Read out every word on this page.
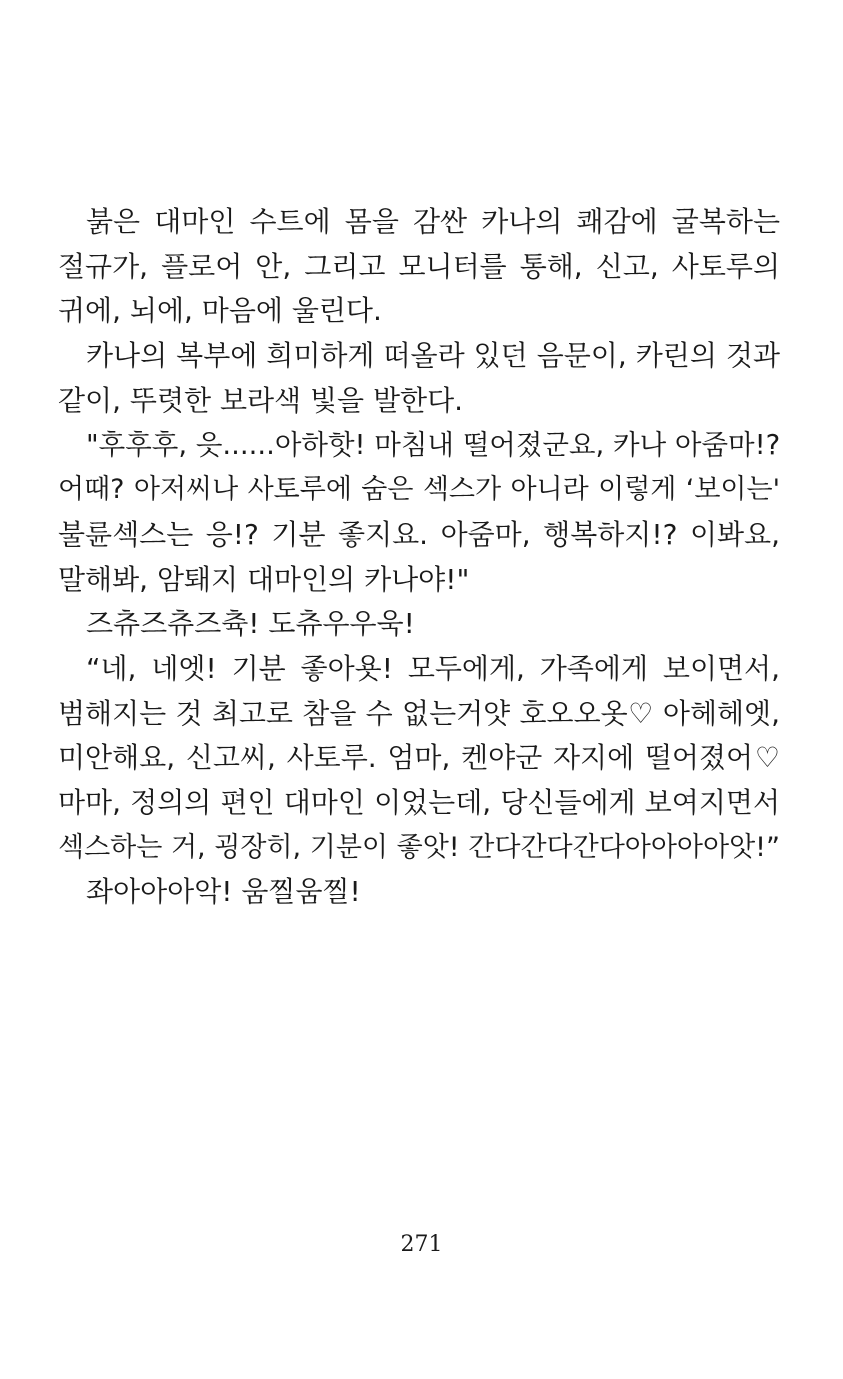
붉은 대마인 수트에 몸을 감싼 카나의 쾌감에 굴복하는
절규가, 플로어 안, 그리고 모니터를 통해, 신고, 사토루의
귀에, 뇌에, 마음에 울린다.
카나의 복부에 희미하게 떠올라 있던 음문이, 카린의 것과
같이, 뚜렷한 보라색 빛을 발한다.
"후후후, 읏......아하핫! 마침내 떨어졌군요, 카나 아줌마!?
어때? 아저씨나 사토루에 숨은 섹스가 아니라 이렇게 ‘보이는'
불륜섹스는 응!? 기분 좋지요. 아줌마, 행복하지!? 이봐요,
말해봐, 암퇘지 대마인의 카나야!"
즈츄즈츄즈츅! 도츄우우욱!
“네, 네엣! 기분 좋아욧! 모두에게, 가족에게 보이면서,
범해지는 것 최고로 참을 수 없는거얏 호오오옷♡ 아헤헤엣,
미안해요, 신고씨, 사토루. 엄마, 켄야군 자지에 떨어졌어♡
마마, 정의의 편인 대마인 이었는데, 당신들에게 보여지면서
섹스하는 거, 굉장히, 기분이 좋앗! 간다간다간다아아아아앗!”
좌아아아악! 움찔움찔!
271
